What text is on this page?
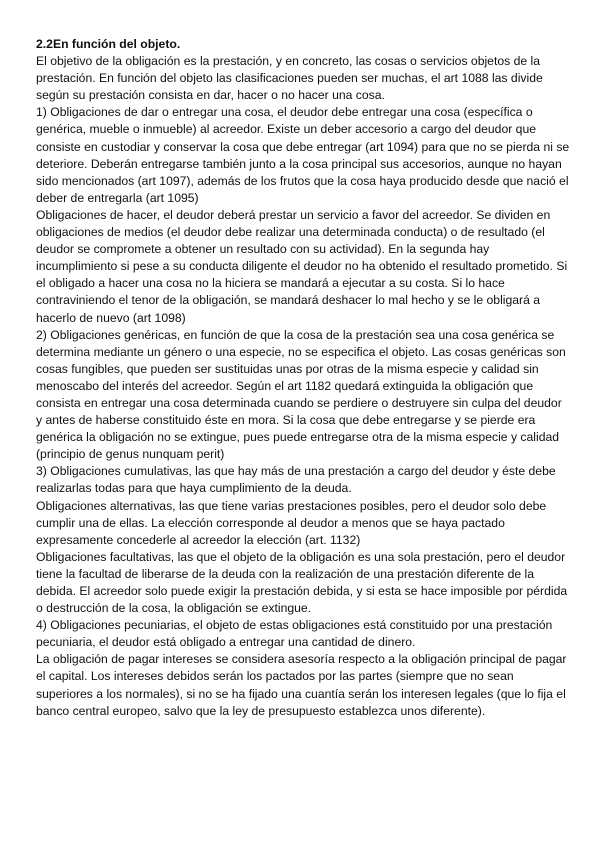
2.2En función del objeto.

El objetivo de la obligación es la prestación, y en concreto, las cosas o servicios objetos de la prestación. En función del objeto las clasificaciones pueden ser muchas, el art 1088 las divide según su prestación consista en dar, hacer o no hacer una cosa.

1) Obligaciones de dar o entregar una cosa, el deudor debe entregar una cosa (específica o genérica, mueble o inmueble) al acreedor. Existe un deber accesorio a cargo del deudor que consiste en custodiar y conservar la cosa que debe entregar (art 1094) para que no se pierda ni se deteriore. Deberán entregarse también junto a la cosa principal sus accesorios, aunque no hayan sido mencionados (art 1097), además de los frutos que la cosa haya producido desde que nació el deber de entregarla (art 1095)

Obligaciones de hacer, el deudor deberá prestar un servicio a favor del acreedor. Se dividen en obligaciones de medios (el deudor debe realizar una determinada conducta) o de resultado (el deudor se compromete a obtener un resultado con su actividad). En la segunda hay incumplimiento si pese a su conducta diligente el deudor no ha obtenido el resultado prometido. Si el obligado a hacer una cosa no la hiciera se mandará a ejecutar a su costa. Si lo hace contraviniendo el tenor de la obligación, se mandará deshacer lo mal hecho y se le obligará a hacerlo de nuevo (art 1098)

2) Obligaciones genéricas, en función de que la cosa de la prestación sea una cosa genérica se determina mediante un género o una especie, no se especifica el objeto. Las cosas genéricas son cosas fungibles, que pueden ser sustituidas unas por otras de la misma especie y calidad sin menoscabo del interés del acreedor. Según el art 1182 quedará extinguida la obligación que consista en entregar una cosa determinada cuando se perdiere o destruyere sin culpa del deudor y antes de haberse constituido éste en mora. Si la cosa que debe entregarse y se pierde era genérica la obligación no se extingue, pues puede entregarse otra de la misma especie y calidad (principio de genus nunquam perit)

3) Obligaciones cumulativas, las que hay más de una prestación a cargo del deudor y éste debe realizarlas todas para que haya cumplimiento de la deuda.

Obligaciones alternativas, las que tiene varias prestaciones posibles, pero el deudor solo debe cumplir una de ellas. La elección corresponde al deudor a menos que se haya pactado expresamente concederle al acreedor la elección (art. 1132)

Obligaciones facultativas, las que el objeto de la obligación es una sola prestación, pero el deudor tiene la facultad de liberarse de la deuda con la realización de una prestación diferente de la debida. El acreedor solo puede exigir la prestación debida, y si esta se hace imposible por pérdida o destrucción de la cosa, la obligación se extingue.

4) Obligaciones pecuniarias, el objeto de estas obligaciones está constituido por una prestación pecuniaria, el deudor está obligado a entregar una cantidad de dinero.

La obligación de pagar intereses se considera asesoría respecto a la obligación principal de pagar el capital. Los intereses debidos serán los pactados por las partes (siempre que no sean superiores a los normales), si no se ha fijado una cuantía serán los interesen legales (que lo fija el banco central europeo, salvo que la ley de presupuesto establezca unos diferente).
